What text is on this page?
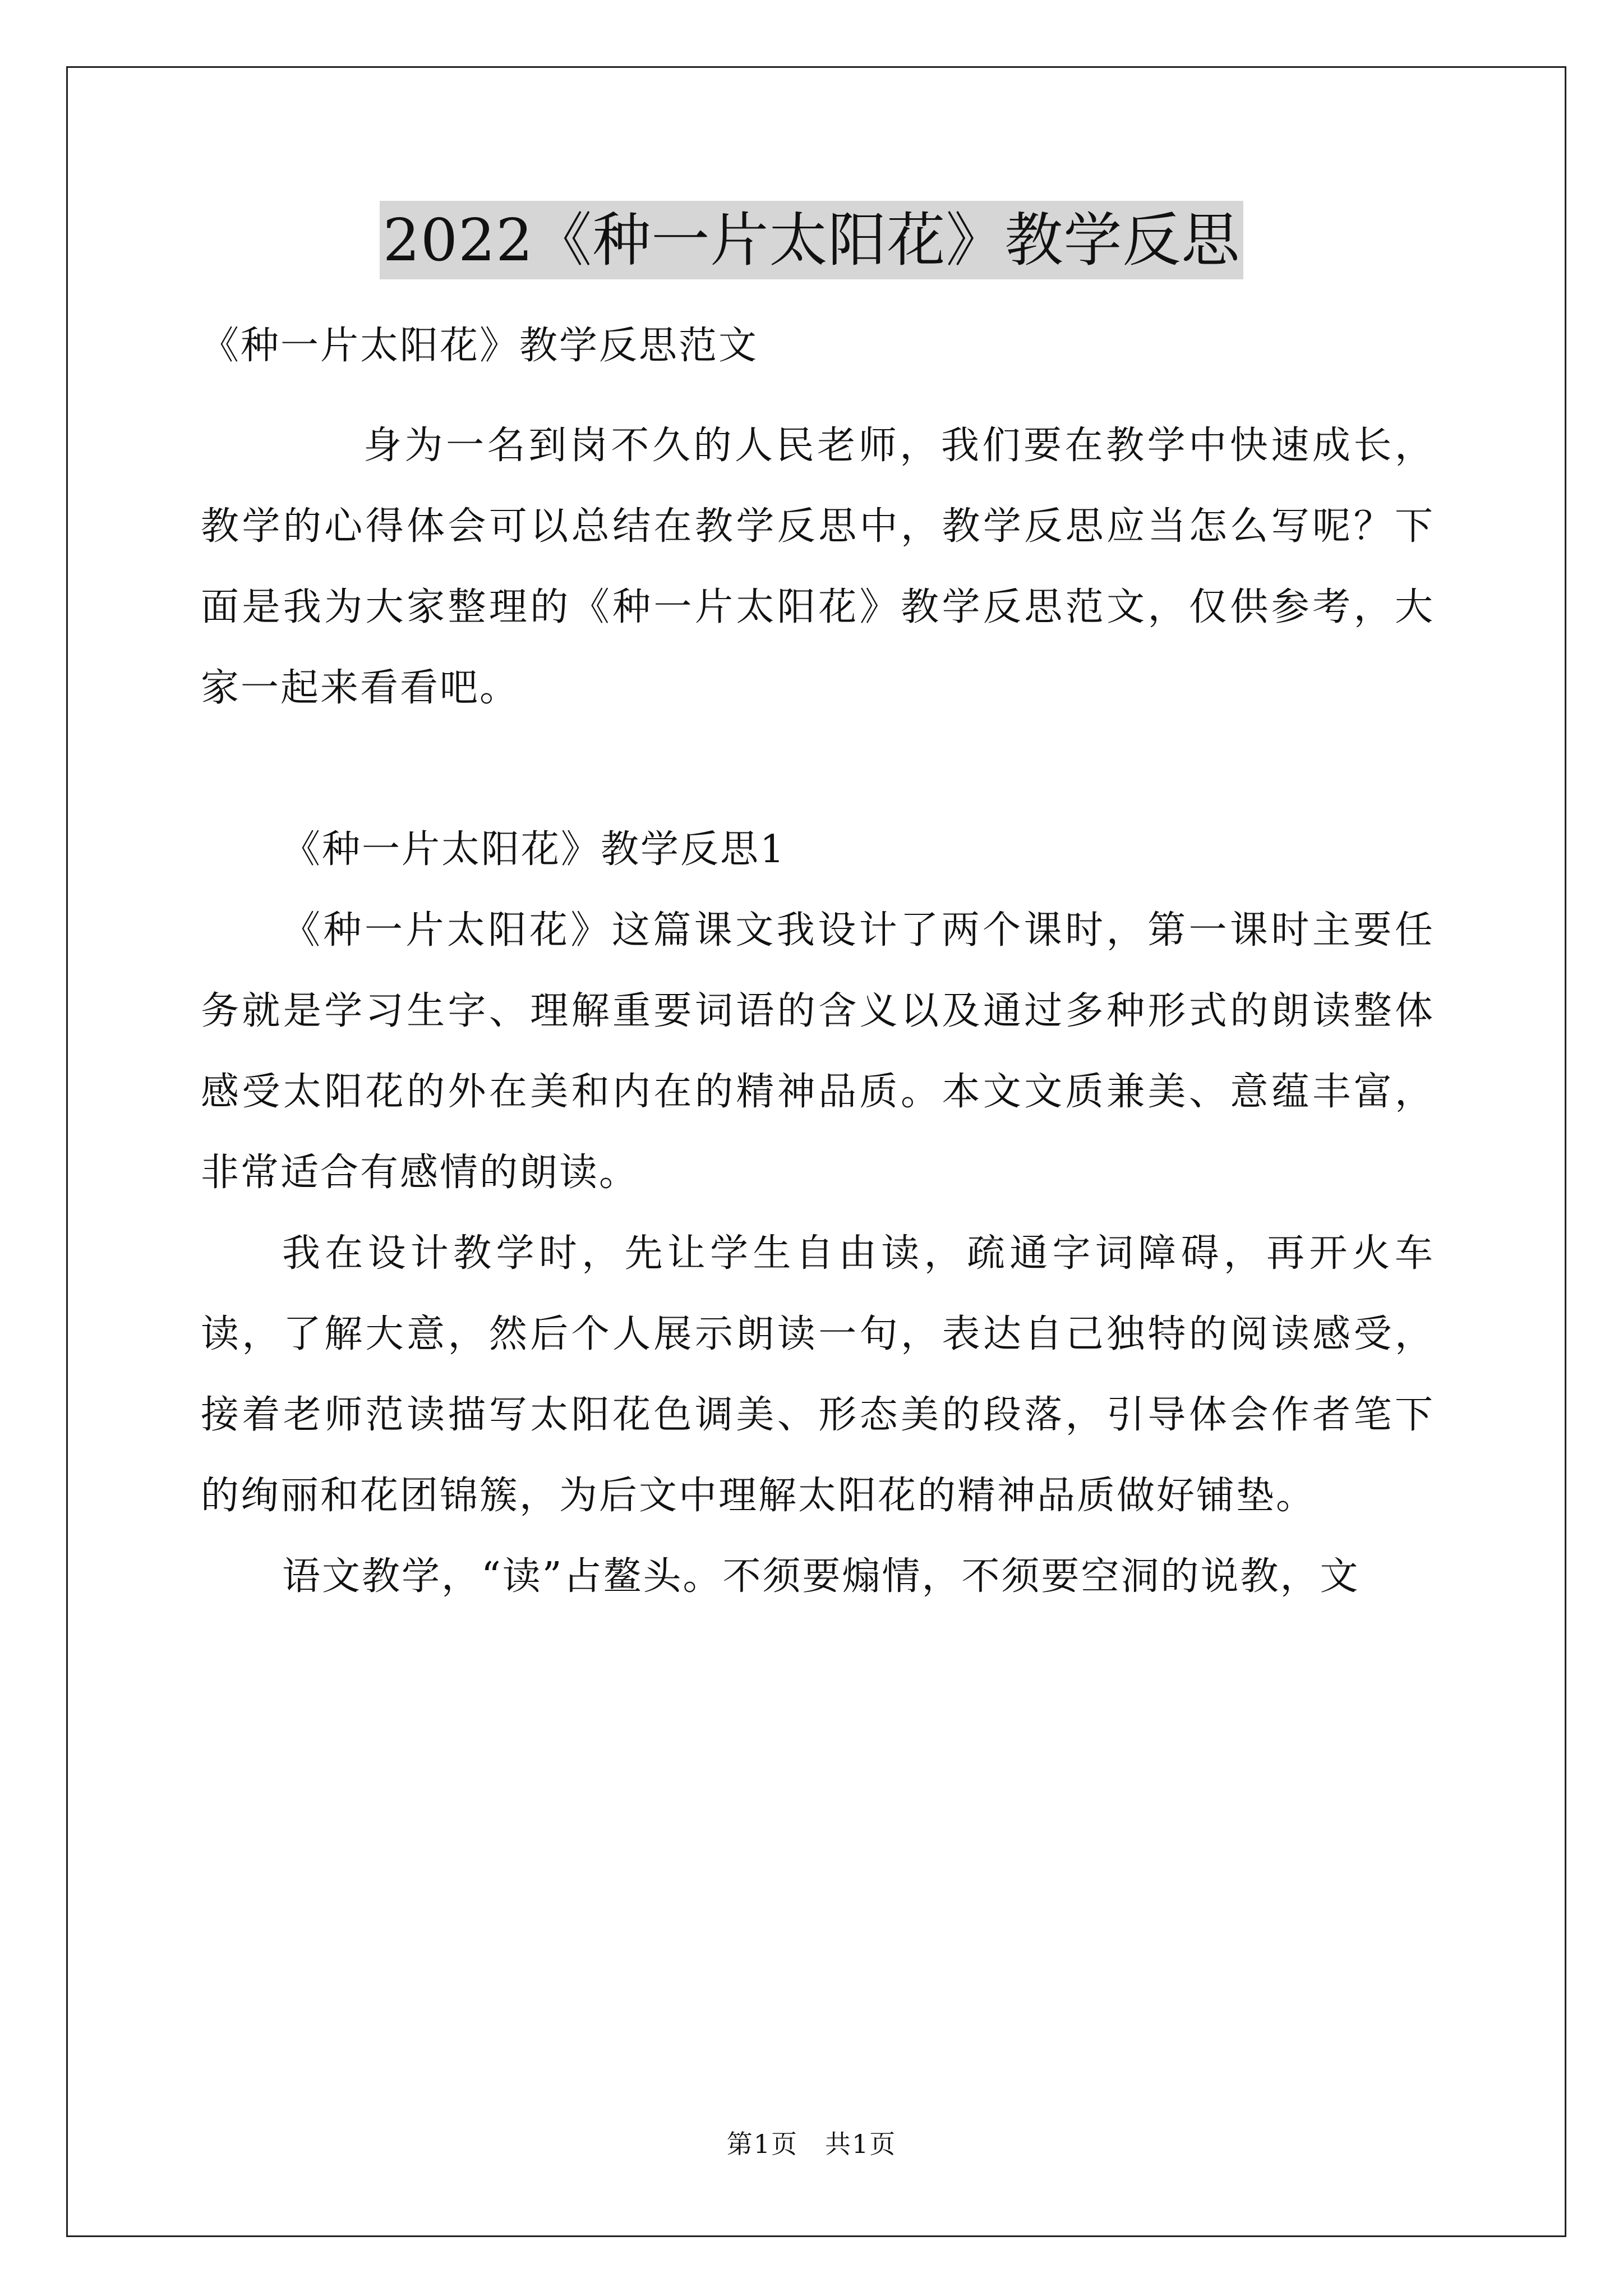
2022《种一片太阳花》教学反思
《种一片太阳花》教学反思范文

身为一名到岗不久的人民老师，我们要在教学中快速成长，教学的心得体会可以总结在教学反思中，教学反思应当怎么写呢？下面是我为大家整理的《种一片太阳花》教学反思范文，仅供参考，大家一起来看看吧。

《种一片太阳花》教学反思1

《种一片太阳花》这篇课文我设计了两个课时，第一课时主要任务就是学习生字、理解重要词语的含义以及通过多种形式的朗读整体感受太阳花的外在美和内在的精神品质。本文文质兼美、意蕴丰富，非常适合有感情的朗读。

我在设计教学时，先让学生自由读，疏通字词障碍，再开火车读，了解大意，然后个人展示朗读一句，表达自己独特的阅读感受，接着老师范读描写太阳花色调美、形态美的段落，引导体会作者笔下的绚丽和花团锦簇，为后文中理解太阳花的精神品质做好铺垫。

语文教学，“读”占鳌头。不须要煽情，不须要空洞的说教，文

第1页　共1页
